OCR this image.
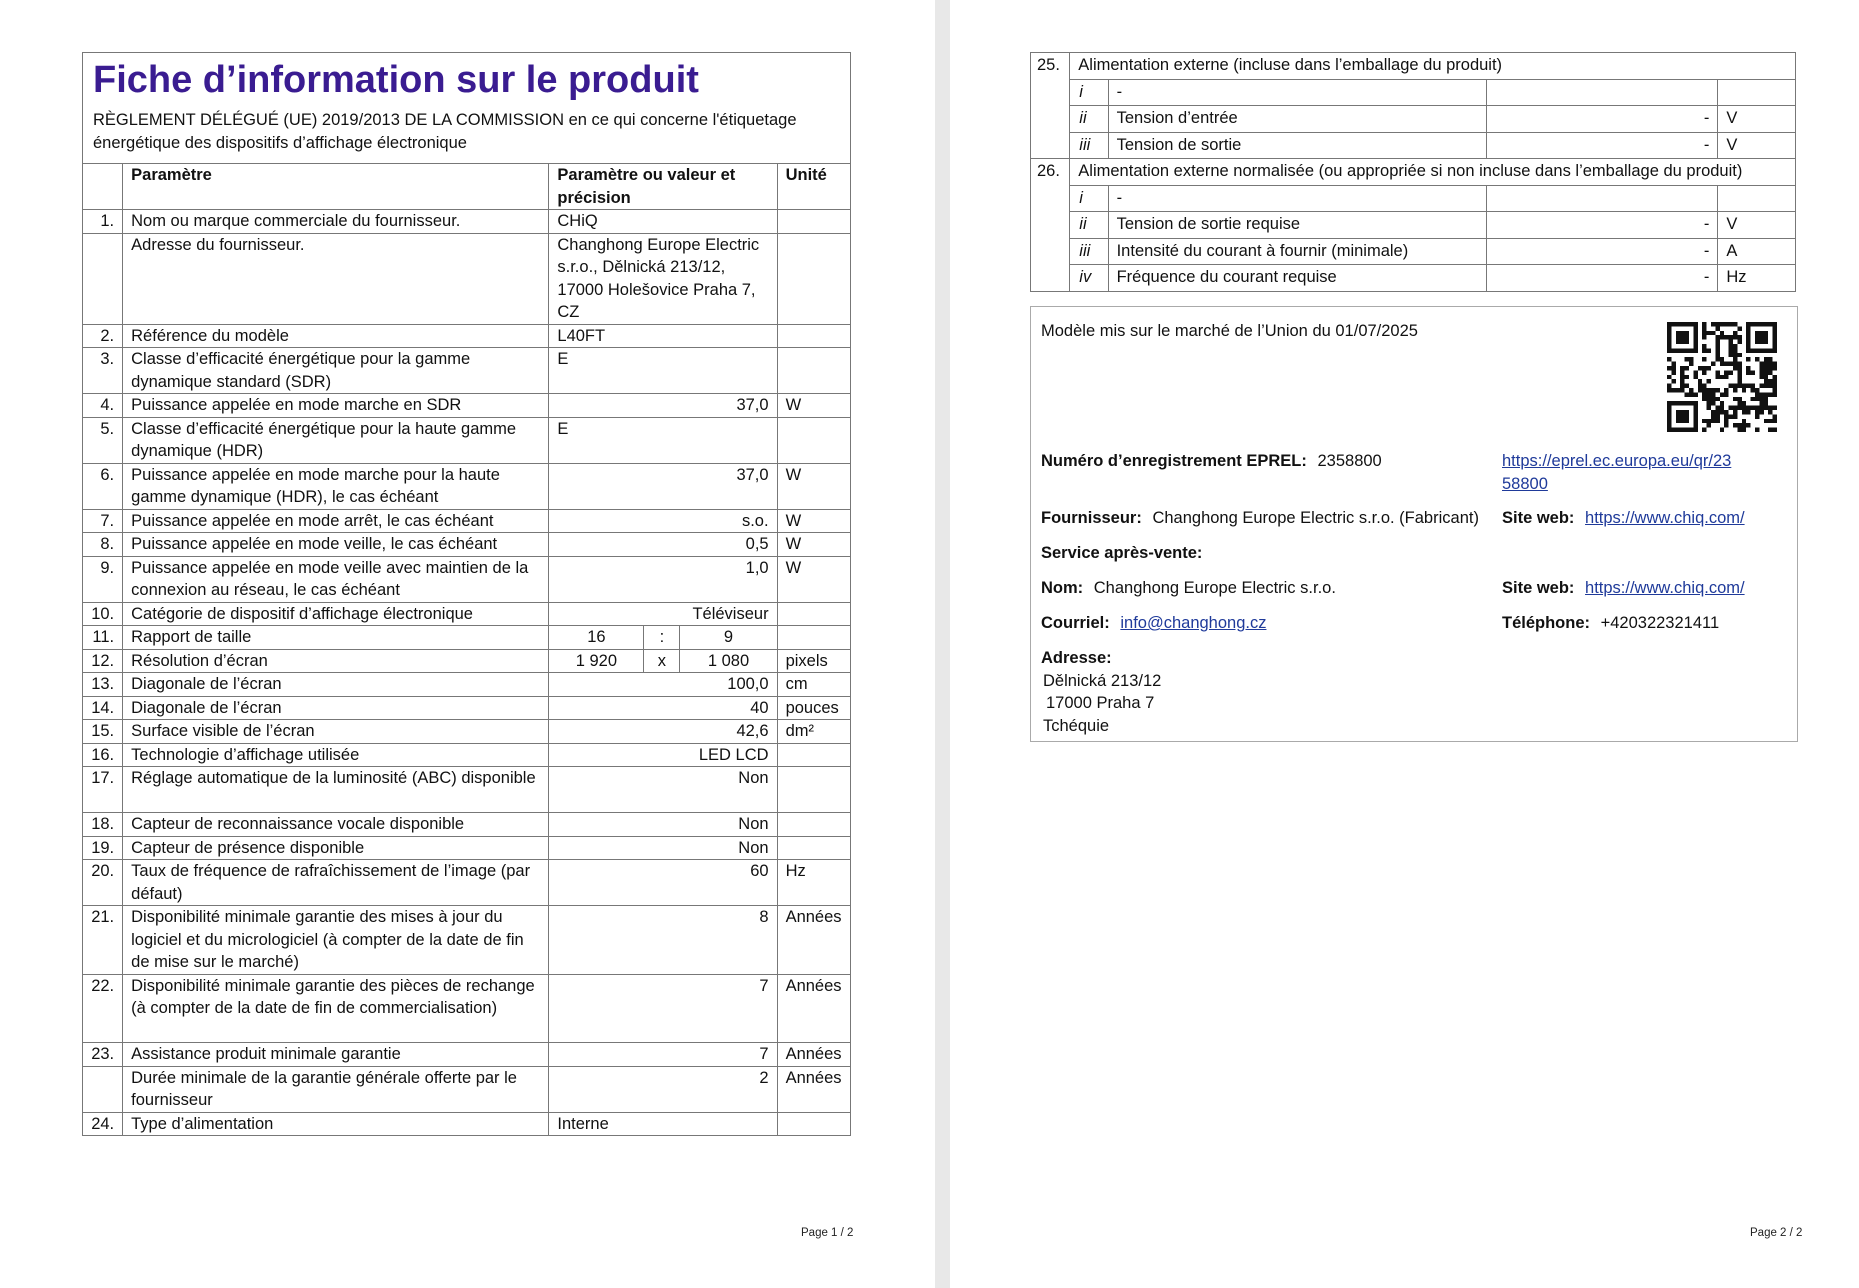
Fiche d’information sur le produit
RÈGLEMENT DÉLÉGUÉ (UE) 2019/2013 DE LA COMMISSION en ce qui concerne l'étiquetage énergétique des dispositifs d’affichage électronique					

	Paramètre	Paramètre ou valeur et précision			Unité
1.	Nom ou marque commerciale du fournisseur.	CHiQ			
	Adresse du fournisseur.	Changhong Europe Electric s.r.o., Dělnická 213/12, 17000 Holešovice Praha 7, CZ			
2.	Référence du modèle	L40FT			
3.	Classe d’efficacité énergétique pour la gamme dynamique standard (SDR)	E			
4.	Puissance appelée en mode marche en SDR	37,0			W
5.	Classe d’efficacité énergétique pour la haute gamme dynamique (HDR)	E			
6.	Puissance appelée en mode marche pour la haute gamme dynamique (HDR), le cas échéant	37,0			W
7.	Puissance appelée en mode arrêt, le cas échéant	s.o.			W
8.	Puissance appelée en mode veille, le cas échéant	0,5			W
9.	Puissance appelée en mode veille avec maintien de la connexion au réseau, le cas échéant	1,0			W
10.	Catégorie de dispositif d’affichage électronique	Téléviseur			
11.	Rapport de taille	16	:	9	
12.	Résolution d’écran	1 920	x	1 080	pixels
13.	Diagonale de l’écran	100,0			cm
14.	Diagonale de l’écran	40			pouces
15.	Surface visible de l’écran	42,6			dm²
16.	Technologie d’affichage utilisée	LED LCD			
17.	Réglage automatique de la luminosité (ABC) disponible	Non			
18.	Capteur de reconnaissance vocale disponible	Non			
19.	Capteur de présence disponible	Non			
20.	Taux de fréquence de rafraîchissement de l’image (par défaut)	60			Hz
21.	Disponibilité minimale garantie des mises à jour du logiciel et du micrologiciel (à compter de la date de fin de mise sur le marché)	8			Années
22.	Disponibilité minimale garantie des pièces de rechange (à compter de la date de fin de commercialisation)	7			Années
23.	Assistance produit minimale garantie	7			Années
	Durée minimale de la garantie générale offerte par le fournisseur	2			Années
24.	Type d’alimentation	Interne			
Page 1 / 2	Page 2 / 2
25.	Alimentation externe (incluse dans l’emballage du produit)			
	i	-		
	ii	Tension d’entrée	-	V
	iii	Tension de sortie	-	V
26.	Alimentation externe normalisée (ou appropriée si non incluse dans l’emballage du produit)			
	i	-		
	ii	Tension de sortie requise	-	V
	iii	Intensité du courant à fournir (minimale)	-	A
	iv	Fréquence du courant requise	-	Hz
Modèle mis sur le marché de l’Union du 01/07/2025
Numéro d’enregistrement EPREL: 2358800	https://eprel.ec.europa.eu/qr/23
58800
Fournisseur: Changhong Europe Electric s.r.o. (Fabricant) Site web: https://www.chiq.com/
Service après-vente:
Nom: Changhong Europe Electric s.r.o.	Site web: https://www.chiq.com/
Courriel: info@changhong.cz	Téléphone: +420322321411
Adresse:
Dělnická 213/12
17000 Praha 7
Tchéquie
